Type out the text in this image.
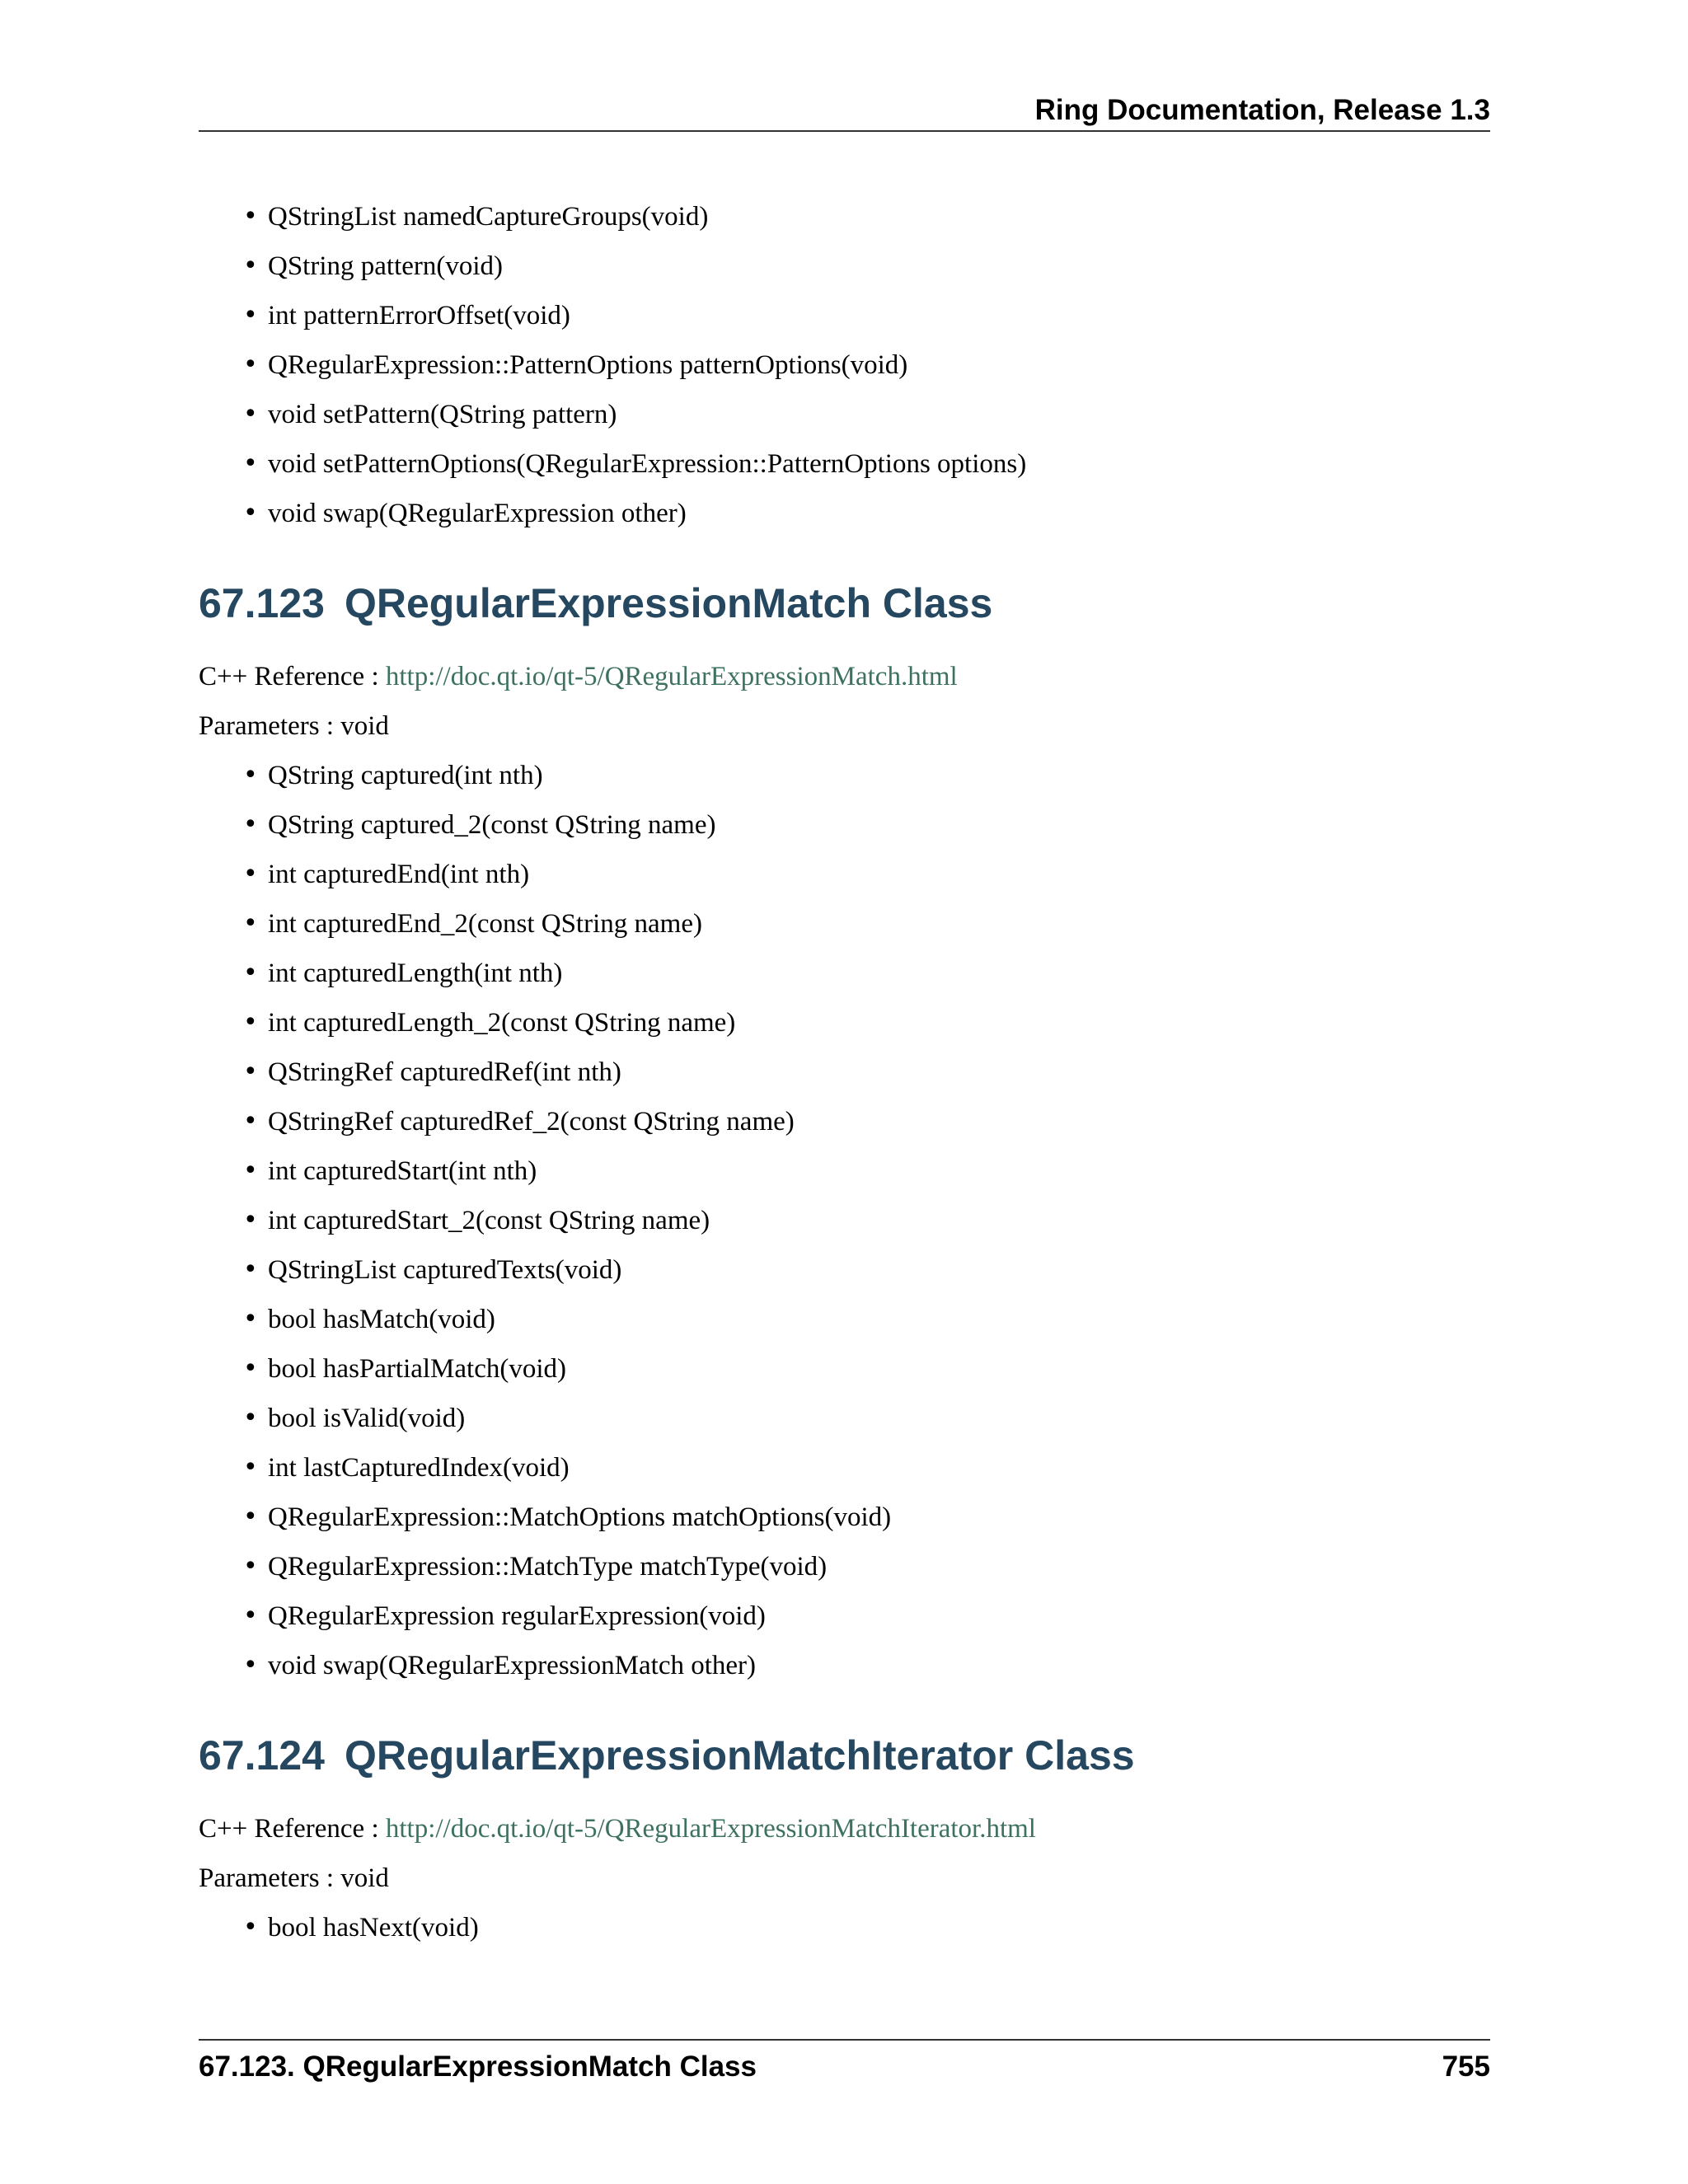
Ring Documentation, Release 1.3
• QStringList namedCaptureGroups(void)
• QString pattern(void)
• int patternErrorOffset(void)
• QRegularExpression::PatternOptions patternOptions(void)
• void setPattern(QString pattern)
• void setPatternOptions(QRegularExpression::PatternOptions options)
• void swap(QRegularExpression other)
67.123 QRegularExpressionMatch Class

C++ Reference : http://doc.qt.io/qt-5/QRegularExpressionMatch.html

Parameters : void

• QString captured(int nth)
• QString captured_2(const QString name)
• int capturedEnd(int nth)
• int capturedEnd_2(const QString name)
• int capturedLength(int nth)
• int capturedLength_2(const QString name)
• QStringRef capturedRef(int nth)
• QStringRef capturedRef_2(const QString name)
• int capturedStart(int nth)
• int capturedStart_2(const QString name)
• QStringList capturedTexts(void)
• bool hasMatch(void)
• bool hasPartialMatch(void)
• bool isValid(void)
• int lastCapturedIndex(void)
• QRegularExpression::MatchOptions matchOptions(void)
• QRegularExpression::MatchType matchType(void)
• QRegularExpression regularExpression(void)
• void swap(QRegularExpressionMatch other)
67.124 QRegularExpressionMatchIterator Class

C++ Reference : http://doc.qt.io/qt-5/QRegularExpressionMatchIterator.html

Parameters : void

• bool hasNext(void)
67.123. QRegularExpressionMatch Class	755
